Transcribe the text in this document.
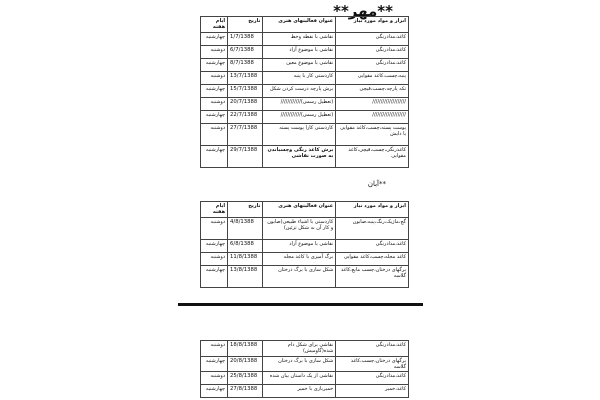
**مهر**
ابزار و مواد مورد نیاز	عنوان فعالیتهای هنری	تاریخ	ایام هفته
کاغذ،مدادرنگی	نقاشی با نقطه وخط	1/7/1388	چهارشنبه
کاغذ،مدادرنگی	نقاشی با موضوع آزاد	6/7/1388	دوشنبه
کاغذ،مدادرنگی	نقاشی با موضوع معین	8/7/1388	چهارشنبه
پنبه،چسب،کاغذ مقوایی	کاردستی کار با پنبه	13/7/1388	دوشنبه
تکه پارچه،چسب،قیچی	برش پارچه درست کردن شکل	15/7/1388	چهارشنبه
////////////////////	(تعطیل رسمی)////////////	20/7/1388	دوشنبه
////////////////////	(تعطیل رسمی)////////////	22/7/1388	چهارشنبه
پوست پسته،چسب،کاغذ مقوایی یا دایش	کاردستی کارا پوست پسته	27/7/1388	دوشنبه
کاغذرنگی،چسب،قیچی،کاغذ مقوایی	برش کاغذ رنگی وچسباندن به صورت نقاشی	29/7/1388	چهارشنبه
**آبان
ابزار و مواد مورد نیاز	عنوان فعالیتهای هنری	تاریخ	ایام هفته
گچ،ماژیک،رنگ،پنبه،صابون	کاردستی با اشیاء طبیعی(صابون و کار آن به شکل تزئین)	4/8/1388	دوشنبه
کاغذ،مدادرنگی	نقاشی با موضوع آزاد	6/8/1388	چهارشنبه
کاغذ مجله،چسب،کاغذ مقوایی	برگ آمیزی با کاغذ مجله	11/8/1388	دوشنبه
برگهای درختان،چسب مایع،کاغذ گلاسه	شکل سازی با برگ درختان	13/8/1388	چهارشنبه
کاغذ،مدادرنگی	نقاشی برای شکل دام شده(گاومیش)	18/8/1388	دوشنبه
برگهای درختان،چسب،کاغذ گلاسه	شکل سازی با برگ درختان	20/8/1388	چهارشنبه
کاغذ،مدادرنگی	نقاشی از یک داستان بیان شده	25/8/1388	دوشنبه
کاغذ،خمیر	خمیربازی با خمیر	27/8/1388	چهارشنبه
